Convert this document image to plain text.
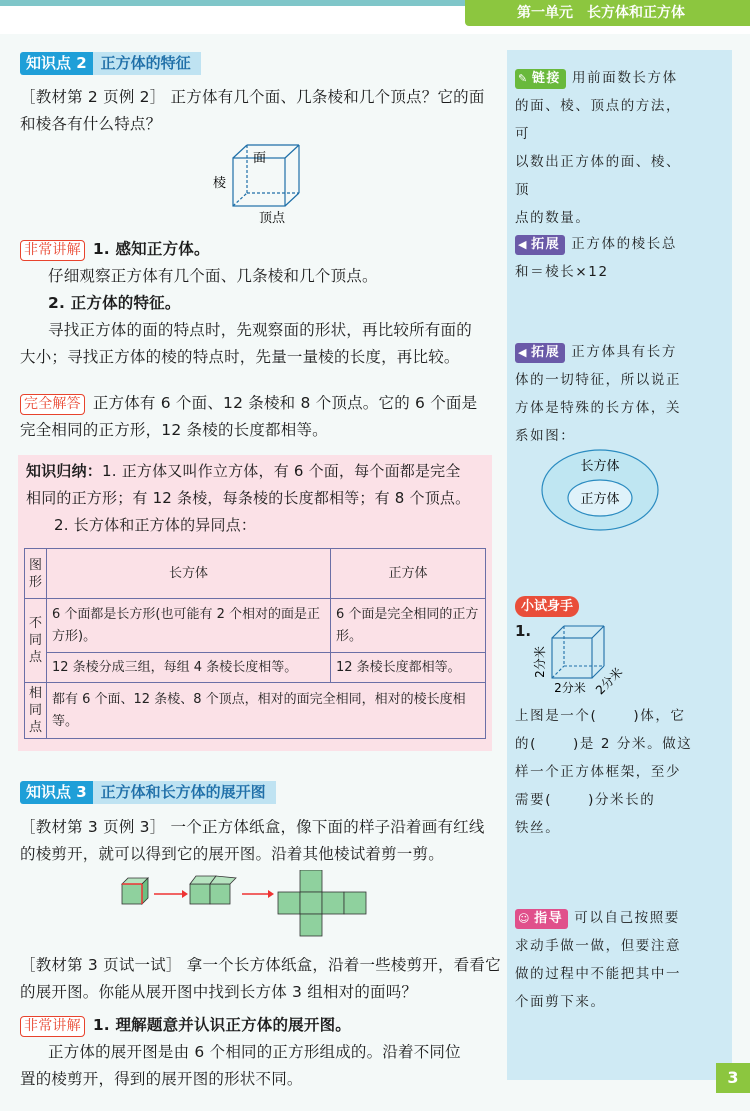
第一单元 长方体和正方体
知识点 2 正方体的特征
［教材第 2 页例 2］ 正方体有几个面、几条棱和几个顶点？它的面
和棱各有什么特点？
面
棱
顶点
非常讲解 1. 感知正方体。
仔细观察正方体有几个面、几条棱和几个顶点。
2. 正方体的特征。
寻找正方体的面的特点时，先观察面的形状，再比较所有面的
大小；寻找正方体的棱的特点时，先量一量棱的长度，再比较。
完全解答 正方体有 6 个面、12 条棱和 8 个顶点。它的 6 个面是
完全相同的正方形，12 条棱的长度都相等。
知识归纳：1. 正方体又叫作立方体，有 6 个面，每个面都是完全
相同的正方形；有 12 条棱，每条棱的长度都相等；有 8 个顶点。
2. 长方体和正方体的异同点：
图形	长方体	正方体
不同点	6 个面都是长方形(也可能有 2 个相对的面是正方形)。	6 个面是完全相同的正方形。
	12 条棱分成三组，每组 4 条棱长度相等。	12 条棱长度都相等。
相同点	都有 6 个面、12 条棱、8 个顶点，相对的面完全相同，相对的棱长度相等。	
知识点 3 正方体和长方体的展开图
［教材第 3 页例 3］ 一个正方体纸盒，像下面的样子沿着画有红线
的棱剪开，就可以得到它的展开图。沿着其他棱试着剪一剪。
［教材第 3 页试一试］ 拿一个长方体纸盒，沿着一些棱剪开，看看它
的展开图。你能从展开图中找到长方体 3 组相对的面吗？
非常讲解 1. 理解题意并认识正方体的展开图。
正方体的展开图是由 6 个相同的正方形组成的。沿着不同位
置的棱剪开，得到的展开图的形状不同。
✎ 链接 用前面数长方体
的面、棱、顶点的方法，可
以数出正方体的面、棱、顶
点的数量。
◀ 拓展 正方体的棱长总
和＝棱长×12
◀ 拓展 正方体具有长方
体的一切特征，所以说正
方体是特殊的长方体，关
系如图：
长方体
正方体
小试身手
1.
2分米
2分米 2分米
上图是一个(	)体，它
的(	)是 2 分米。做这
样一个正方体框架，至少
需要(	)分米长的
铁丝。
☺ 指导 可以自己按照要
求动手做一做，但要注意
做的过程中不能把其中一
个面剪下来。
3
